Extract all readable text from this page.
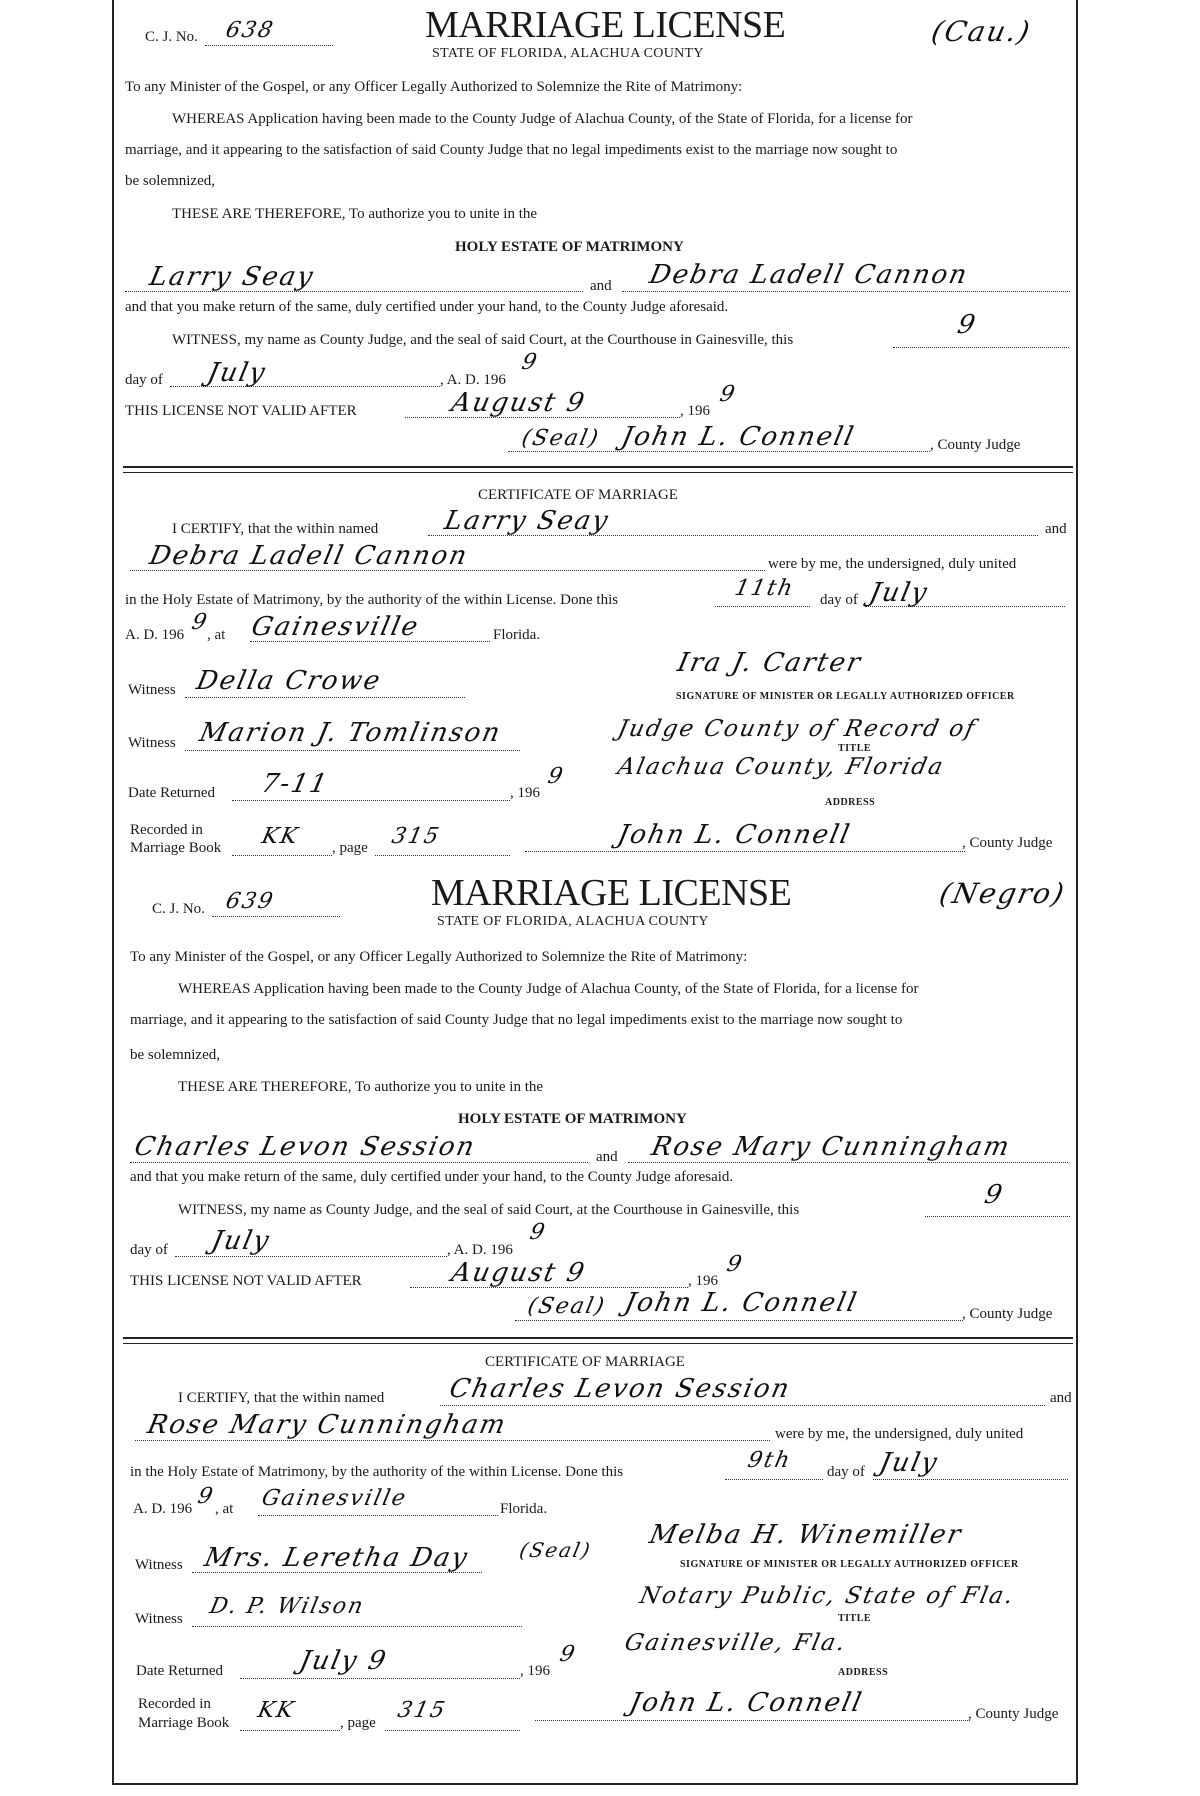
C. J. No. 638	MARRIAGE LICENSE
STATE OF FLORIDA, ALACHUA COUNTY
(Cau.)
To any Minister of the Gospel, or any Officer Legally Authorized to Solemnize the Rite of Matrimony:
WHEREAS Application having been made to the County Judge of Alachua County, of the State of Florida, for a license for
marriage, and it appearing to the satisfaction of said County Judge that no legal impediments exist to the marriage now sought to
be solemnized,
THESE ARE THEREFORE, To authorize you to unite in the
HOLY ESTATE OF MATRIMONY
Larry Seay	and Debra Ladell Cannon
and that you make return of the same, duly certified under your hand, to the County Judge aforesaid.
WITNESS, my name as County Judge, and the seal of said Court, at the Courthouse in Gainesville, this	9
day of July	, A. D. 196
9
THIS LICENSE NOT VALID AFTER	August 9	, 196
9
(Seal) John L. Connell	, County Judge
CERTIFICATE OF MARRIAGE
I CERTIFY, that the within named Larry Seay	and
Debra Ladell Cannon	were by me, the undersigned, duly united
in the Holy Estate of Matrimony, by the authority of the within License. Done this	11th day of July
A. D. 196 9
, at Gainesville	Florida.
Witness Della Crowe
Ira J. Carter
SIGNATURE OF MINISTER OR LEGALLY AUTHORIZED OFFICER
Witness Marion J. Tomlinson
TITLE
Judge County of Record of
Alachua County, Florida
Date Returned 7-11	, 196
9
ADDRESS
Recorded in
Marriage Book KK , page 315	John L. Connell	, County Judge
C. J. No. 639	MARRIAGE LICENSE
STATE OF FLORIDA, ALACHUA COUNTY
(Negro)
To any Minister of the Gospel, or any Officer Legally Authorized to Solemnize the Rite of Matrimony:
WHEREAS Application having been made to the County Judge of Alachua County, of the State of Florida, for a license for
marriage, and it appearing to the satisfaction of said County Judge that no legal impediments exist to the marriage now sought to
be solemnized,
THESE ARE THEREFORE, To authorize you to unite in the
HOLY ESTATE OF MATRIMONY
Charles Levon Session	and Rose Mary Cunningham
and that you make return of the same, duly certified under your hand, to the County Judge aforesaid.
WITNESS, my name as County Judge, and the seal of said Court, at the Courthouse in Gainesville, this	9
day of July	, A. D. 196
9
THIS LICENSE NOT VALID AFTER	August 9	, 196
9
(Seal) John L. Connell	, County Judge
CERTIFICATE OF MARRIAGE
I CERTIFY, that the within named Charles Levon Session	and
Rose Mary Cunningham	were by me, the undersigned, duly united
in the Holy Estate of Matrimony, by the authority of the within License. Done this	9th day of July
A. D. 196 9
, at Gainesville	Florida.
Witness Mrs. Leretha Day (Seal) Melba H. Winemiller
SIGNATURE OF MINISTER OR LEGALLY AUTHORIZED OFFICER
Witness D. P. Wilson	Notary Public, State of Fla.
TITLE
Gainesville, Fla.
Date Returned	July 9	, 196
9
ADDRESS
Recorded in
Marriage Book KK	, page 315	John L. Connell	, County Judge
